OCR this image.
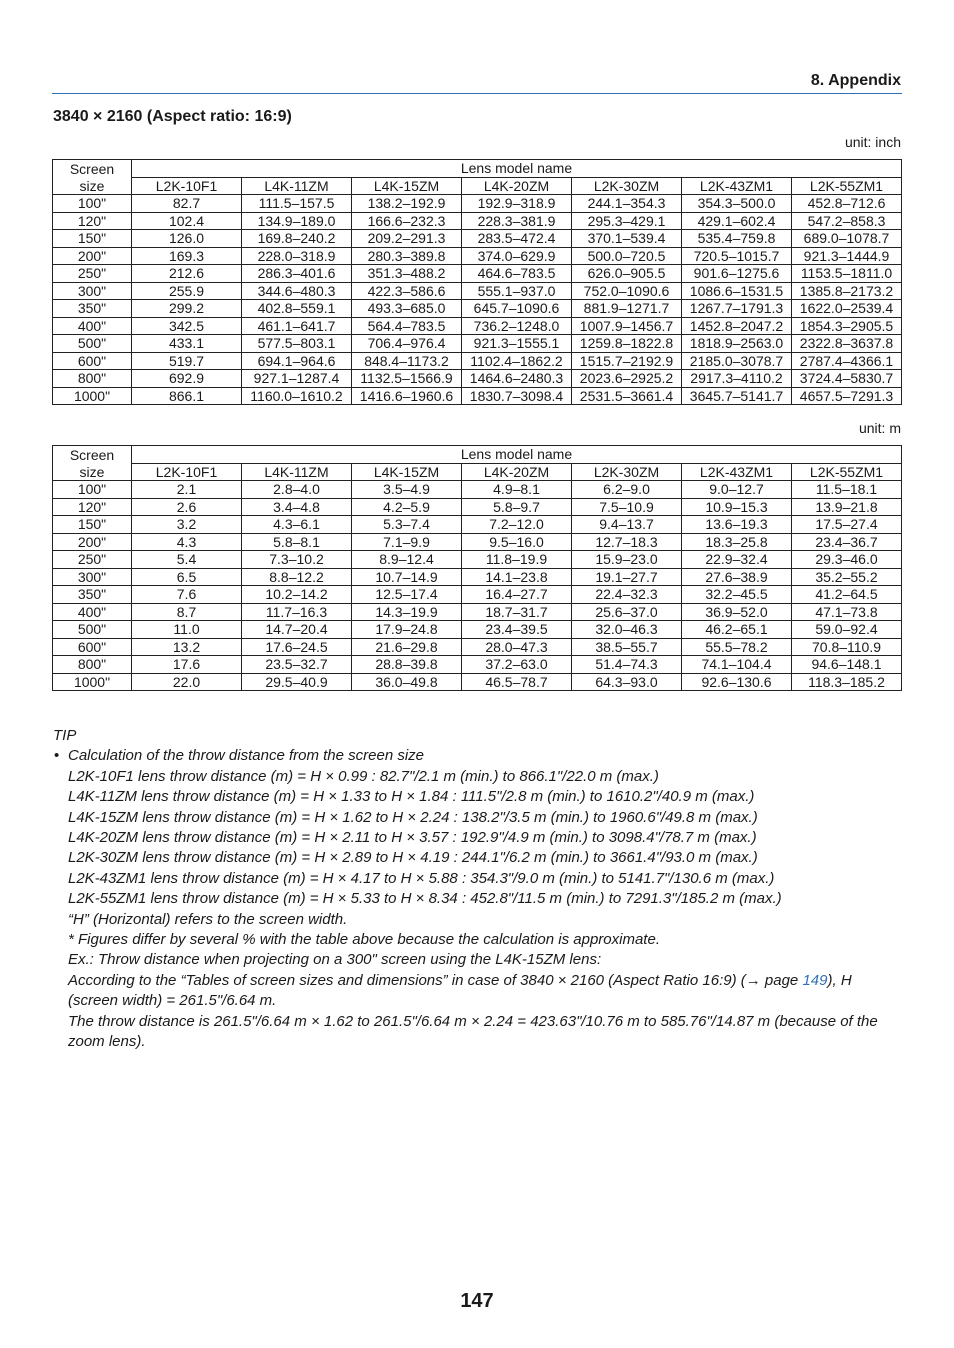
8. Appendix
3840 × 2160 (Aspect ratio: 16:9)
unit: inch
Screen	Lens model name						
size	L2K-10F1	L4K-11ZM	L4K-15ZM	L4K-20ZM	L2K-30ZM	L2K-43ZM1	L2K-55ZM1
100"	82.7	111.5–157.5	138.2–192.9	192.9–318.9	244.1–354.3	354.3–500.0	452.8–712.6
120"	102.4	134.9–189.0	166.6–232.3	228.3–381.9	295.3–429.1	429.1–602.4	547.2–858.3
150"	126.0	169.8–240.2	209.2–291.3	283.5–472.4	370.1–539.4	535.4–759.8	689.0–1078.7
200"	169.3	228.0–318.9	280.3–389.8	374.0–629.9	500.0–720.5	720.5–1015.7	921.3–1444.9
250"	212.6	286.3–401.6	351.3–488.2	464.6–783.5	626.0–905.5	901.6–1275.6	1153.5–1811.0
300"	255.9	344.6–480.3	422.3–586.6	555.1–937.0	752.0–1090.6	1086.6–1531.5	1385.8–2173.2
350"	299.2	402.8–559.1	493.3–685.0	645.7–1090.6	881.9–1271.7	1267.7–1791.3	1622.0–2539.4
400"	342.5	461.1–641.7	564.4–783.5	736.2–1248.0	1007.9–1456.7	1452.8–2047.2	1854.3–2905.5
500"	433.1	577.5–803.1	706.4–976.4	921.3–1555.1	1259.8–1822.8	1818.9–2563.0	2322.8–3637.8
600"	519.7	694.1–964.6	848.4–1173.2	1102.4–1862.2	1515.7–2192.9	2185.0–3078.7	2787.4–4366.1
800"	692.9	927.1–1287.4	1132.5–1566.9	1464.6–2480.3	2023.6–2925.2	2917.3–4110.2	3724.4–5830.7
1000"	866.1	1160.0–1610.2	1416.6–1960.6	1830.7–3098.4	2531.5–3661.4	3645.7–5141.7	4657.5–7291.3
unit: m
Screen	Lens model name						
size	L2K-10F1	L4K-11ZM	L4K-15ZM	L4K-20ZM	L2K-30ZM	L2K-43ZM1	L2K-55ZM1
100"	2.1	2.8–4.0	3.5–4.9	4.9–8.1	6.2–9.0	9.0–12.7	11.5–18.1
120"	2.6	3.4–4.8	4.2–5.9	5.8–9.7	7.5–10.9	10.9–15.3	13.9–21.8
150"	3.2	4.3–6.1	5.3–7.4	7.2–12.0	9.4–13.7	13.6–19.3	17.5–27.4
200"	4.3	5.8–8.1	7.1–9.9	9.5–16.0	12.7–18.3	18.3–25.8	23.4–36.7
250"	5.4	7.3–10.2	8.9–12.4	11.8–19.9	15.9–23.0	22.9–32.4	29.3–46.0
300"	6.5	8.8–12.2	10.7–14.9	14.1–23.8	19.1–27.7	27.6–38.9	35.2–55.2
350"	7.6	10.2–14.2	12.5–17.4	16.4–27.7	22.4–32.3	32.2–45.5	41.2–64.5
400"	8.7	11.7–16.3	14.3–19.9	18.7–31.7	25.6–37.0	36.9–52.0	47.1–73.8
500"	11.0	14.7–20.4	17.9–24.8	23.4–39.5	32.0–46.3	46.2–65.1	59.0–92.4
600"	13.2	17.6–24.5	21.6–29.8	28.0–47.3	38.5–55.7	55.5–78.2	70.8–110.9
800"	17.6	23.5–32.7	28.8–39.8	37.2–63.0	51.4–74.3	74.1–104.4	94.6–148.1
1000"	22.0	29.5–40.9	36.0–49.8	46.5–78.7	64.3–93.0	92.6–130.6	118.3–185.2
TIP
• Calculation of the throw distance from the screen size
L2K-10F1 lens throw distance (m) = H × 0.99 : 82.7"/2.1 m (min.) to 866.1"/22.0 m (max.)
L4K-11ZM lens throw distance (m) = H × 1.33 to H × 1.84 : 111.5"/2.8 m (min.) to 1610.2"/40.9 m (max.)
L4K-15ZM lens throw distance (m) = H × 1.62 to H × 2.24 : 138.2"/3.5 m (min.) to 1960.6"/49.8 m (max.)
L4K-20ZM lens throw distance (m) = H × 2.11 to H × 3.57 : 192.9"/4.9 m (min.) to 3098.4"/78.7 m (max.)
L2K-30ZM lens throw distance (m) = H × 2.89 to H × 4.19 : 244.1"/6.2 m (min.) to 3661.4"/93.0 m (max.)
L2K-43ZM1 lens throw distance (m) = H × 4.17 to H × 5.88 : 354.3"/9.0 m (min.) to 5141.7"/130.6 m (max.)
L2K-55ZM1 lens throw distance (m) = H × 5.33 to H × 8.34 : 452.8"/11.5 m (min.) to 7291.3"/185.2 m (max.)
“H” (Horizontal) refers to the screen width.
* Figures differ by several % with the table above because the calculation is approximate.
Ex.: Throw distance when projecting on a 300" screen using the L4K-15ZM lens:
According to the “Tables of screen sizes and dimensions” in case of 3840 × 2160 (Aspect Ratio 16:9) (→ page 149), H (screen width) = 261.5"/6.64 m.
The throw distance is 261.5"/6.64 m × 1.62 to 261.5"/6.64 m × 2.24 = 423.63"/10.76 m to 585.76"/14.87 m (because of the zoom lens).
147
